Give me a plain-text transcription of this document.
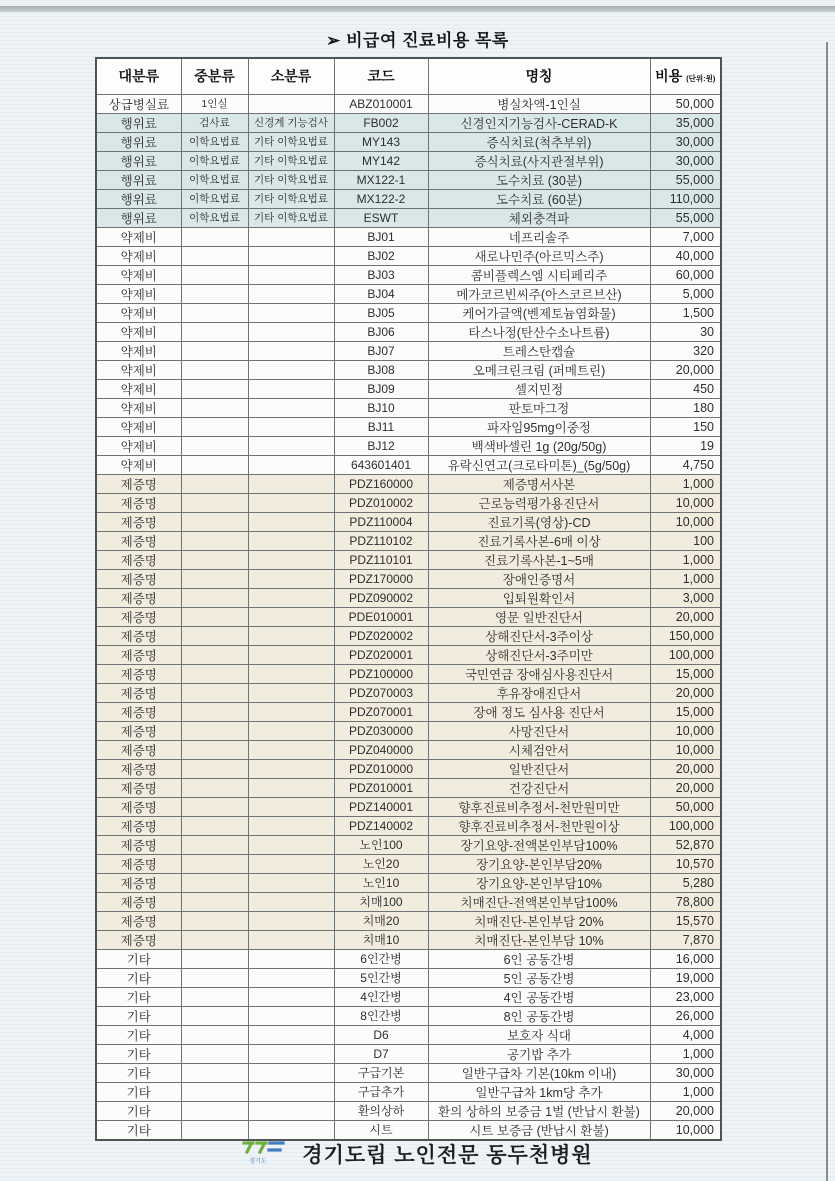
➢ 비급여 진료비용 목록
대분류	중분류	소분류	코드	명칭	비용 (단위:원)
상급병실료	1인실		ABZ010001	병실차액-1인실	50,000
행위료	검사료	신경계 기능검사	FB002	신경인지기능검사-CERAD-K	35,000
행위료	이학요법료	기타 이학요법료	MY143	증식치료(척추부위)	30,000
행위료	이학요법료	기타 이학요법료	MY142	증식치료(사지관절부위)	30,000
행위료	이학요법료	기타 이학요법료	MX122-1	도수치료 (30분)	55,000
행위료	이학요법료	기타 이학요법료	MX122-2	도수치료 (60분)	110,000
행위료	이학요법료	기타 이학요법료	ESWT	체외충격파	55,000
약제비			BJ01	네프리솔주	7,000
약제비			BJ02	새로나민주(아르믹스주)	40,000
약제비			BJ03	콤비플렉스엠 시티페리주	60,000
약제비			BJ04	메가코르빈씨주(아스코르브산)	5,000
약제비			BJ05	케어가글액(벤제토늄염화물)	1,500
약제비			BJ06	타스나정(탄산수소나트륨)	30
약제비			BJ07	트레스탄캡슐	320
약제비			BJ08	오메크린크림 (퍼메트린)	20,000
약제비			BJ09	셀지민정	450
약제비			BJ10	판토마그정	180
약제비			BJ11	파자임95mg이중정	150
약제비			BJ12	백색바셀린 1g (20g/50g)	19
약제비			643601401	유락신연고(크로타미톤)_(5g/50g)	4,750
제증명			PDZ160000	제증명서사본	1,000
제증명			PDZ010002	근로능력평가용진단서	10,000
제증명			PDZ110004	진료기록(영상)-CD	10,000
제증명			PDZ110102	진료기록사본-6매 이상	100
제증명			PDZ110101	진료기록사본-1~5매	1,000
제증명			PDZ170000	장애인증명서	1,000
제증명			PDZ090002	입퇴원확인서	3,000
제증명			PDE010001	영문 일반진단서	20,000
제증명			PDZ020002	상해진단서-3주이상	150,000
제증명			PDZ020001	상해진단서-3주미만	100,000
제증명			PDZ100000	국민연금 장애심사용진단서	15,000
제증명			PDZ070003	후유장애진단서	20,000
제증명			PDZ070001	장애 정도 심사용 진단서	15,000
제증명			PDZ030000	사망진단서	10,000
제증명			PDZ040000	시체검안서	10,000
제증명			PDZ010000	일반진단서	20,000
제증명			PDZ010001	건강진단서	20,000
제증명			PDZ140001	향후진료비추정서-천만원미만	50,000
제증명			PDZ140002	향후진료비추정서-천만원이상	100,000
제증명			노인100	장기요양-전액본인부담100%	52,870
제증명			노인20	장기요양-본인부담20%	10,570
제증명			노인10	장기요양-본인부담10%	5,280
제증명			치매100	치매진단-전액본인부담100%	78,800
제증명			치매20	치매진단-본인부담 20%	15,570
제증명			치매10	치매진단-본인부담 10%	7,870
기타			6인간병	6인 공동간병	16,000
기타			5인간병	5인 공동간병	19,000
기타			4인간병	4인 공동간병	23,000
기타			8인간병	8인 공동간병	26,000
기타			D6	보호자 식대	4,000
기타			D7	공기밥 추가	1,000
기타			구급기본	일반구급차 기본(10km 이내)	30,000
기타			구급추가	일반구급차 1km당 추가	1,000
기타			환의상하	환의 상하의 보증금 1벌 (반납시 환불)	20,000
기타			시트	시트 보증금 (반납시 환불)	10,000
경기도 경기도립 노인전문 동두천병원
